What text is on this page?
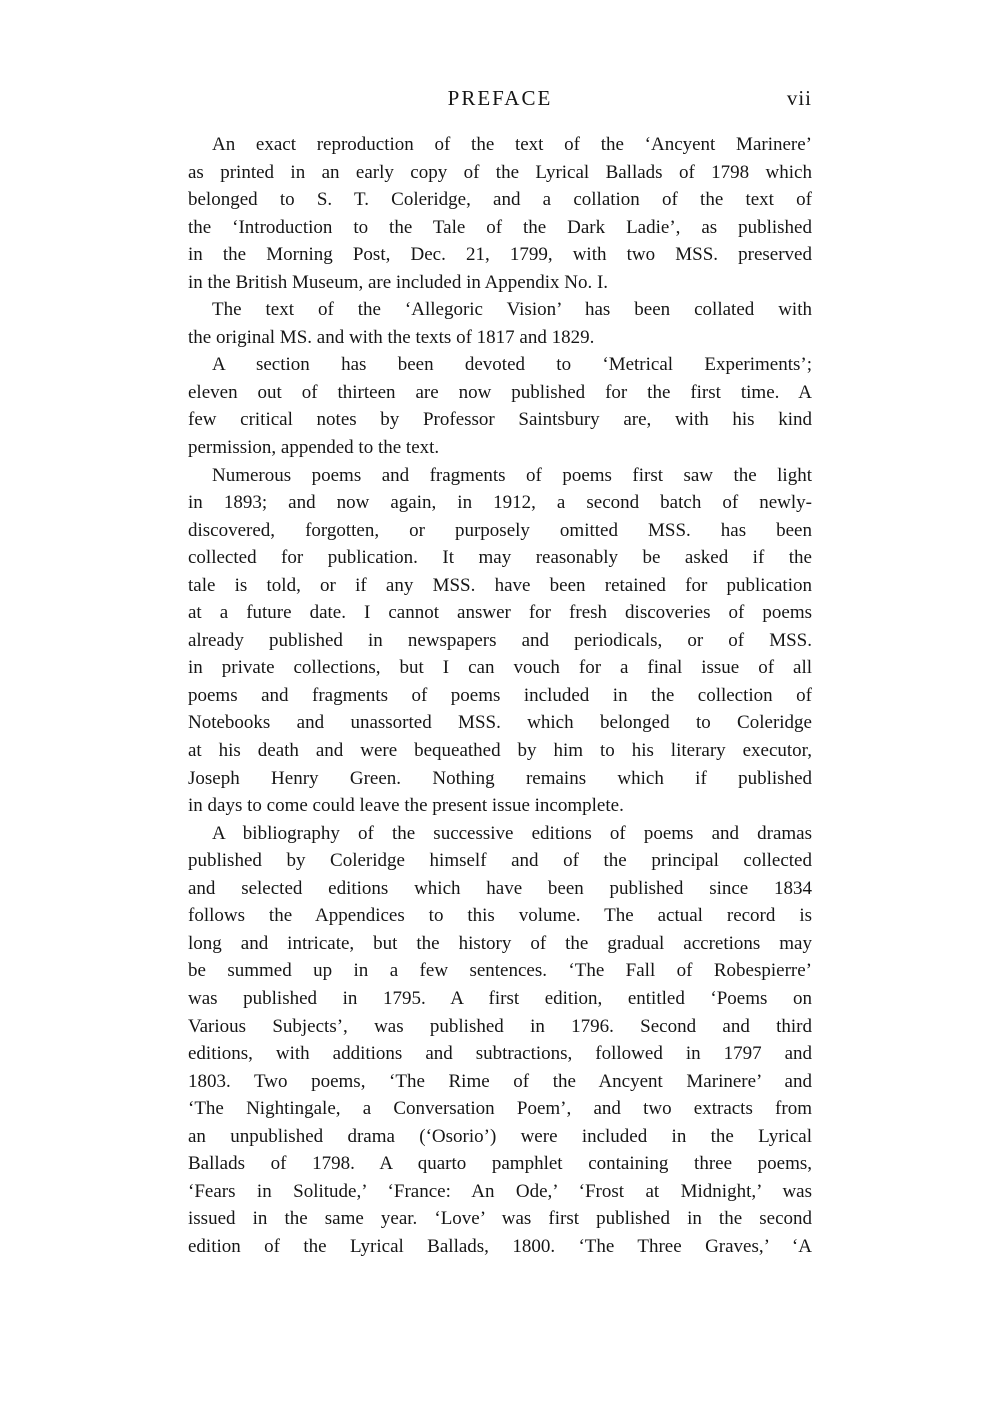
PREFACE	vii
An exact reproduction of the text of the ‘Ancyent Marinere’
as printed in an early copy of the Lyrical Ballads of 1798 which
belonged to S. T. Coleridge, and a collation of the text of
the ‘Introduction to the Tale of the Dark Ladie’, as published
in the Morning Post, Dec. 21, 1799, with two MSS. preserved
in the British Museum, are included in Appendix No. I.
The text of the ‘Allegoric Vision’ has been collated with
the original MS. and with the texts of 1817 and 1829.
A section has been devoted to ‘Metrical Experiments’;
eleven out of thirteen are now published for the first time. A
few critical notes by Professor Saintsbury are, with his kind
permission, appended to the text.
Numerous poems and fragments of poems first saw the light
in 1893; and now again, in 1912, a second batch of newly-
discovered, forgotten, or purposely omitted MSS. has been
collected for publication. It may reasonably be asked if the
tale is told, or if any MSS. have been retained for publication
at a future date. I cannot answer for fresh discoveries of poems
already published in newspapers and periodicals, or of MSS.
in private collections, but I can vouch for a final issue of all
poems and fragments of poems included in the collection of
Notebooks and unassorted MSS. which belonged to Coleridge
at his death and were bequeathed by him to his literary executor,
Joseph Henry Green. Nothing remains which if published
in days to come could leave the present issue incomplete.
A bibliography of the successive editions of poems and dramas
published by Coleridge himself and of the principal collected
and selected editions which have been published since 1834
follows the Appendices to this volume. The actual record is
long and intricate, but the history of the gradual accretions may
be summed up in a few sentences. ‘The Fall of Robespierre’
was published in 1795. A first edition, entitled ‘Poems on
Various Subjects’, was published in 1796. Second and third
editions, with additions and subtractions, followed in 1797 and
1803. Two poems, ‘The Rime of the Ancyent Marinere’ and
‘The Nightingale, a Conversation Poem’, and two extracts from
an unpublished drama (‘Osorio’) were included in the Lyrical
Ballads of 1798. A quarto pamphlet containing three poems,
‘Fears in Solitude,’ ‘France: An Ode,’ ‘Frost at Midnight,’ was
issued in the same year. ‘Love’ was first published in the second
edition of the Lyrical Ballads, 1800. ‘The Three Graves,’ ‘A
